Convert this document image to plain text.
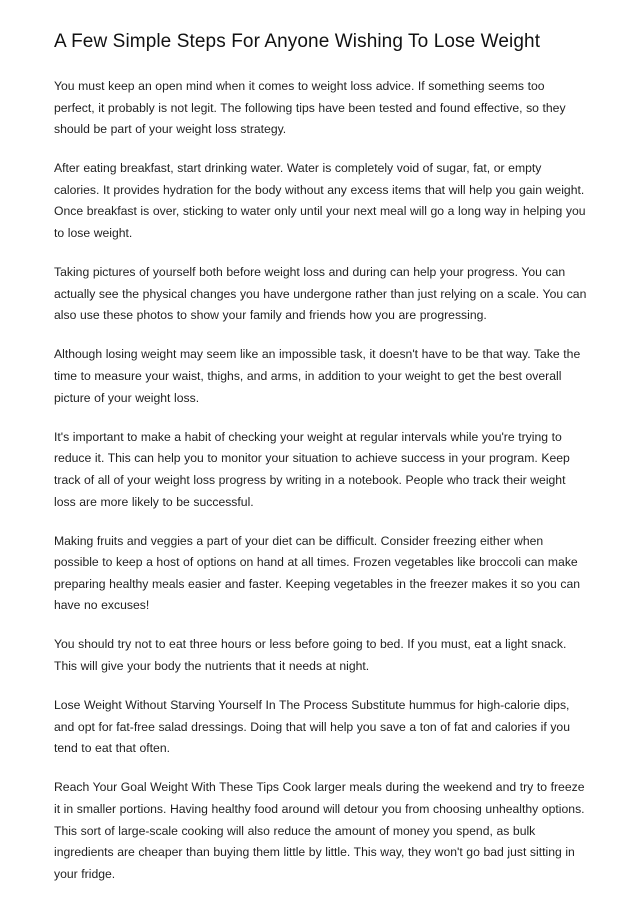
A Few Simple Steps For Anyone Wishing To Lose Weight

You must keep an open mind when it comes to weight loss advice. If something seems too perfect, it probably is not legit. The following tips have been tested and found effective, so they should be part of your weight loss strategy.

After eating breakfast, start drinking water. Water is completely void of sugar, fat, or empty calories. It provides hydration for the body without any excess items that will help you gain weight. Once breakfast is over, sticking to water only until your next meal will go a long way in helping you to lose weight.

Taking pictures of yourself both before weight loss and during can help your progress. You can actually see the physical changes you have undergone rather than just relying on a scale. You can also use these photos to show your family and friends how you are progressing.

Although losing weight may seem like an impossible task, it doesn't have to be that way. Take the time to measure your waist, thighs, and arms, in addition to your weight to get the best overall picture of your weight loss.

It's important to make a habit of checking your weight at regular intervals while you're trying to reduce it. This can help you to monitor your situation to achieve success in your program. Keep track of all of your weight loss progress by writing in a notebook. People who track their weight loss are more likely to be successful.

Making fruits and veggies a part of your diet can be difficult. Consider freezing either when possible to keep a host of options on hand at all times. Frozen vegetables like broccoli can make preparing healthy meals easier and faster. Keeping vegetables in the freezer makes it so you can have no excuses!

You should try not to eat three hours or less before going to bed. If you must, eat a light snack. This will give your body the nutrients that it needs at night.

Lose Weight Without Starving Yourself In The Process Substitute hummus for high-calorie dips, and opt for fat-free salad dressings. Doing that will help you save a ton of fat and calories if you tend to eat that often.

Reach Your Goal Weight With These Tips Cook larger meals during the weekend and try to freeze it in smaller portions. Having healthy food around will detour you from choosing unhealthy options. This sort of large-scale cooking will also reduce the amount of money you spend, as bulk ingredients are cheaper than buying them little by little. This way, they won't go bad just sitting in your fridge.
